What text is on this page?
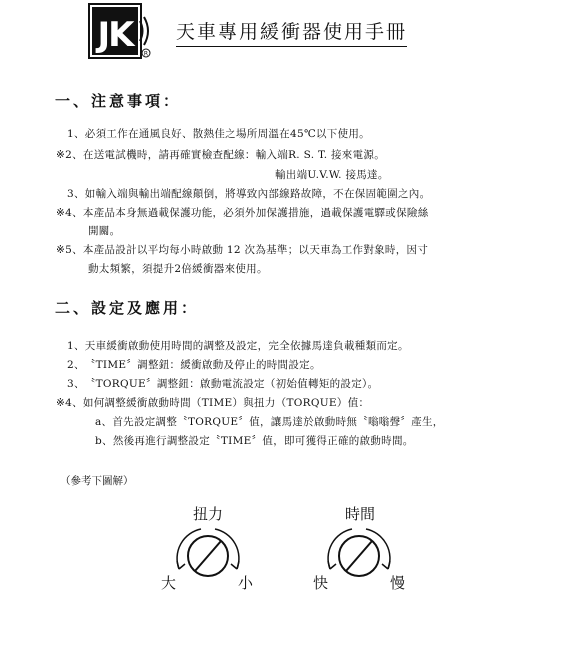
JK	R
天車專用緩衝器使用手冊
一、注意事項：
1、必須工作在通風良好、散熱佳之場所周溫在45℃以下使用。
※2、在送電試機時，請再確實檢查配線：輸入端R. S. T. 接來電源。
輸出端U.V.W. 接馬達。
3、如輸入端與輸出端配線顛倒，將導致內部線路故障，不在保固範圍之內。
※4、本產品本身無過載保護功能，必須外加保護措施，過載保護電驛或保險絲
開關。
※5、本產品設計以平均每小時啟動 12 次為基準；以天車為工作對象時，因寸
動太頻繁，須提升2倍緩衝器來使用。
二、設定及應用：
1、天車緩衝啟動使用時間的調整及設定，完全依據馬達負載種類而定。
2、〝TIME〞調整鈕：緩衝啟動及停止的時間設定。
3、〝TORQUE〞調整鈕：啟動電流設定（初始值轉矩的設定）。
※4、如何調整緩衝啟動時間（TIME）與扭力（TORQUE）值：
a、首先設定調整〝TORQUE〞值，讓馬達於啟動時無〝嗡嗡聲〞產生，
b、然後再進行調整設定〝TIME〞值，即可獲得正確的啟動時間。
（參考下圖解）
扭力
大	小
時間
快	慢
